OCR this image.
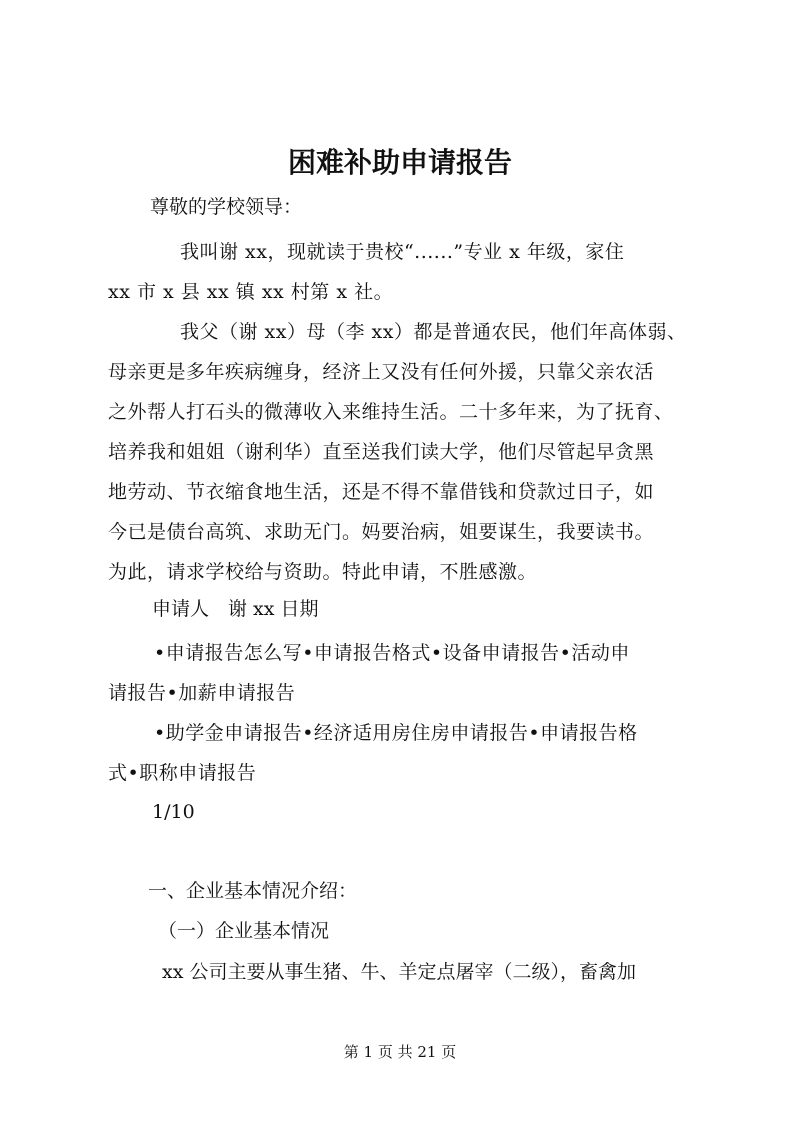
困难补助申请报告
尊敬的学校领导：
我叫谢 xx，现就读于贵校“......”专业 x 年级，家住
xx 市 x 县 xx 镇 xx 村第 x 社。
我父（谢 xx）母（李 xx）都是普通农民，他们年高体弱、
母亲更是多年疾病缠身，经济上又没有任何外援，只靠父亲农活
之外帮人打石头的微薄收入来维持生活。二十多年来，为了抚育、
培养我和姐姐（谢利华）直至送我们读大学，他们尽管起早贪黑
地劳动、节衣缩食地生活，还是不得不靠借钱和贷款过日子，如
今已是债台高筑、求助无门。妈要治病，姐要谋生，我要读书。
为此，请求学校给与资助。特此申请，不胜感激。
申请人　谢 xx 日期
•申请报告怎么写•申请报告格式•设备申请报告•活动申
请报告•加薪申请报告
•助学金申请报告•经济适用房住房申请报告•申请报告格
式•职称申请报告
1/10
一、企业基本情况介绍：
（一）企业基本情况
xx 公司主要从事生猪、牛、羊定点屠宰（二级），畜禽加
第 1 页 共 21 页
